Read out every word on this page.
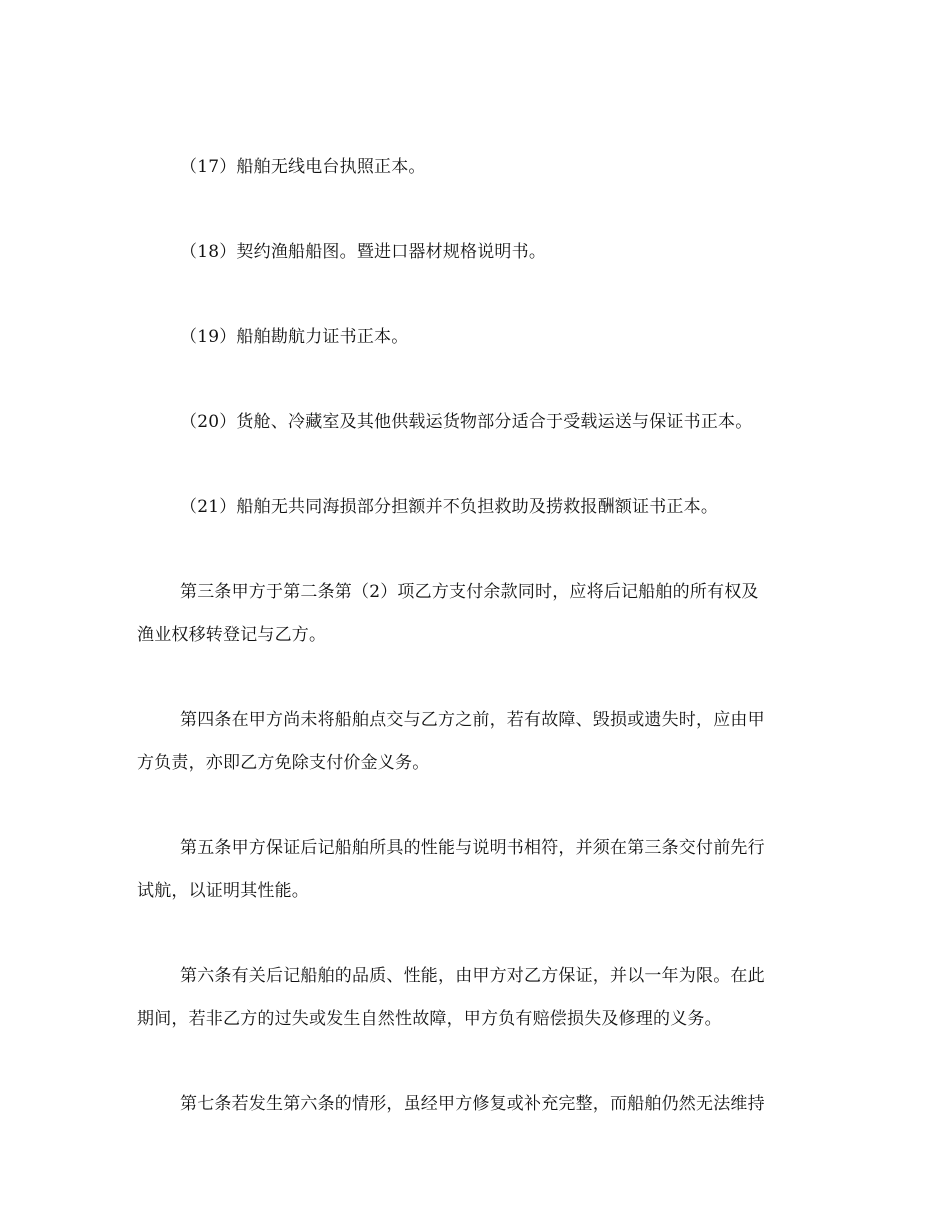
（17）船舶无线电台执照正本。
（18）契约渔船船图。暨进口器材规格说明书。
（19）船舶勘航力证书正本。
（20）货舱、冷藏室及其他供载运货物部分适合于受载运送与保证书正本。
（21）船舶无共同海损部分担额并不负担救助及捞救报酬额证书正本。
第三条甲方于第二条第（2）项乙方支付余款同时，应将后记船舶的所有权及
渔业权移转登记与乙方。
第四条在甲方尚未将船舶点交与乙方之前，若有故障、毁损或遗失时，应由甲
方负责，亦即乙方免除支付价金义务。
第五条甲方保证后记船舶所具的性能与说明书相符，并须在第三条交付前先行
试航，以证明其性能。
第六条有关后记船舶的品质、性能，由甲方对乙方保证，并以一年为限。在此
期间，若非乙方的过失或发生自然性故障，甲方负有赔偿损失及修理的义务。
第七条若发生第六条的情形，虽经甲方修复或补充完整，而船舶仍然无法维持
